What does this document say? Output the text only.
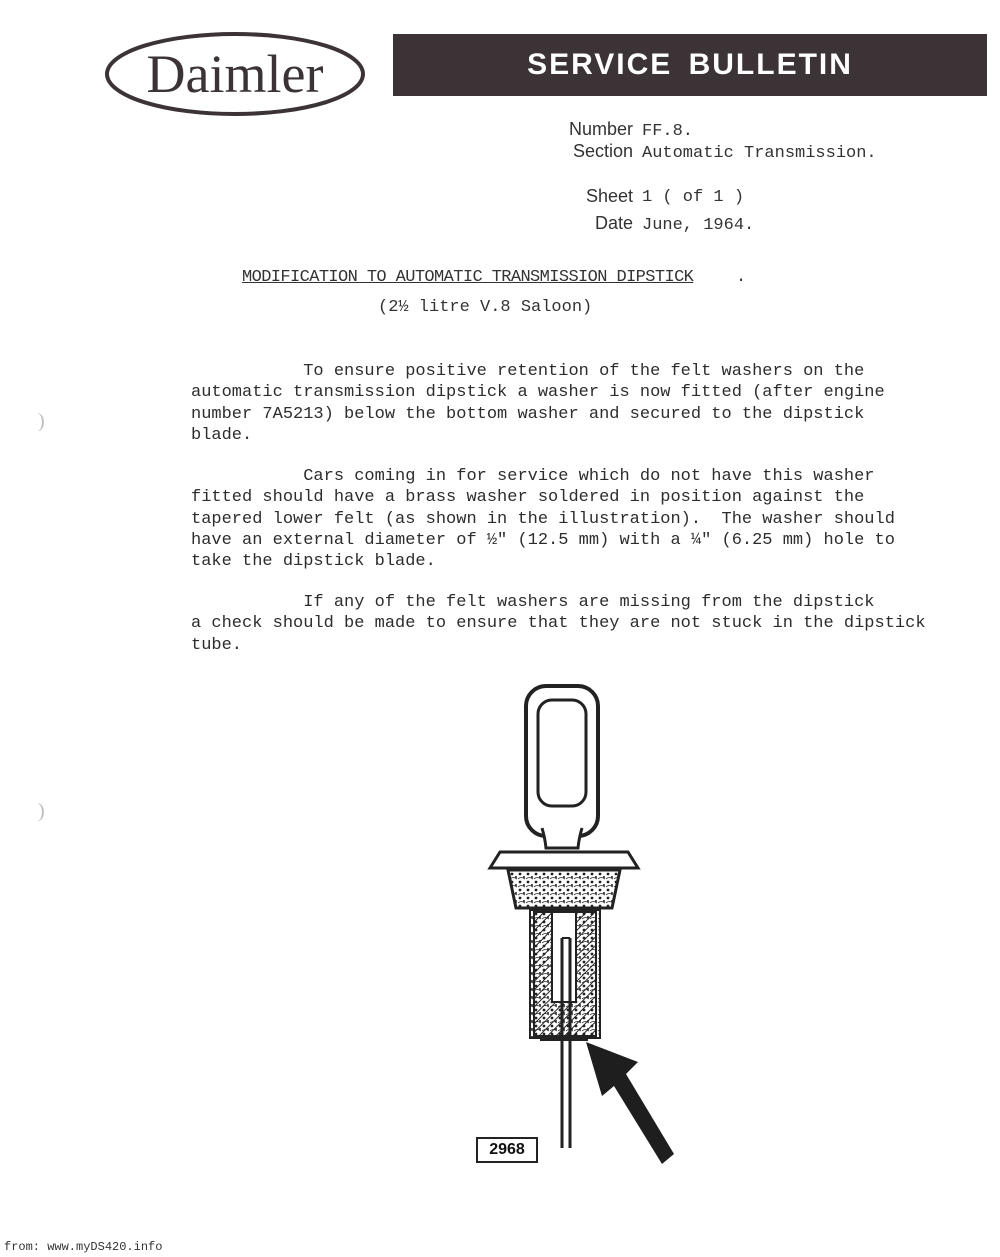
Daimler	SERVICE BULLETIN
Number FF.8.
Section Automatic Transmission.
Sheet 1 ( of 1 )
Date June, 1964.
MODIFICATION TO AUTOMATIC TRANSMISSION DIPSTICK	.
(2½ litre V.8 Saloon)

To ensure positive retention of the felt washers on the
automatic transmission dipstick a washer is now fitted (after engine
number 7A5213) below the bottom washer and secured to the dipstick
blade.

Cars coming in for service which do not have this washer
fitted should have a brass washer soldered in position against the
tapered lower felt (as shown in the illustration).  The washer should
have an external diameter of ½" (12.5 mm) with a ¼" (6.25 mm) hole to
take the dipstick blade.

If any of the felt washers are missing from the dipstick
a check should be made to ensure that they are not stuck in the dipstick
tube.

)
)
2968
from: www.myDS420.info
